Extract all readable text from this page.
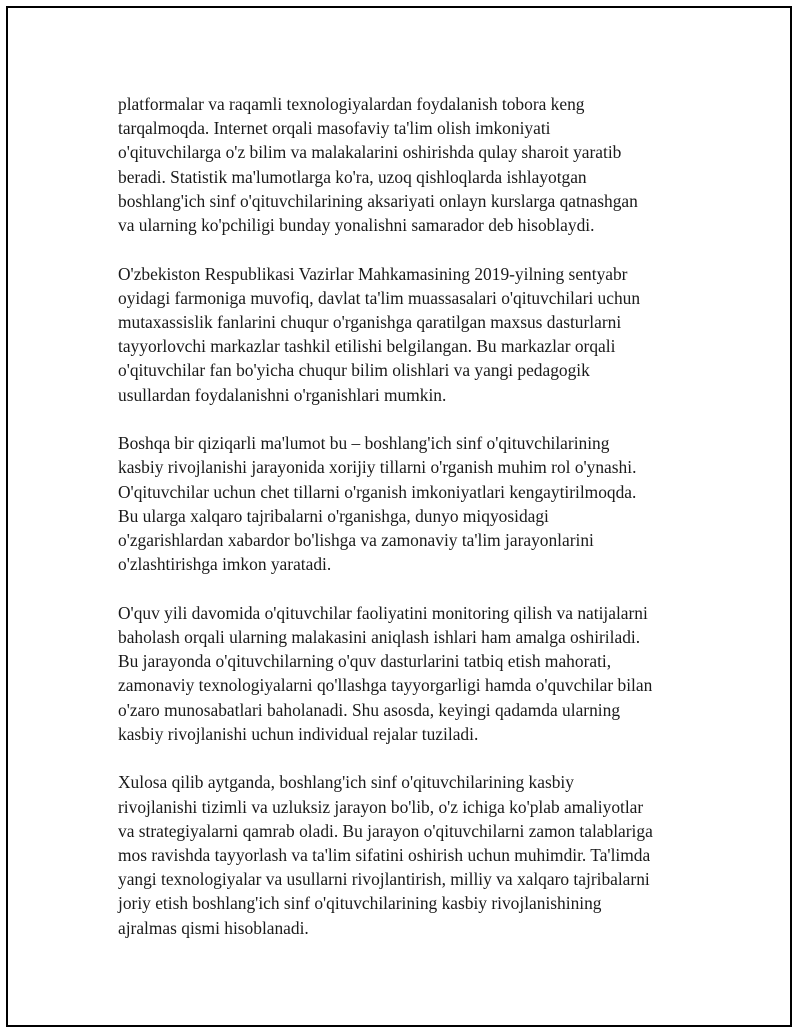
platformalar va raqamli texnologiyalardan foydalanish tobora keng
tarqalmoqda. Internet orqali masofaviy ta'lim olish imkoniyati
o'qituvchilarga o'z bilim va malakalarini oshirishda qulay sharoit yaratib
beradi. Statistik ma'lumotlarga ko'ra, uzoq qishloqlarda ishlayotgan
boshlang'ich sinf o'qituvchilarining aksariyati onlayn kurslarga qatnashgan
va ularning ko'pchiligi bunday yonalishni samarador deb hisoblaydi.

O'zbekiston Respublikasi Vazirlar Mahkamasining 2019-yilning sentyabr
oyidagi farmoniga muvofiq, davlat ta'lim muassasalari o'qituvchilari uchun
mutaxassislik fanlarini chuqur o'rganishga qaratilgan maxsus dasturlarni
tayyorlovchi markazlar tashkil etilishi belgilangan. Bu markazlar orqali
o'qituvchilar fan bo'yicha chuqur bilim olishlari va yangi pedagogik
usullardan foydalanishni o'rganishlari mumkin.

Boshqa bir qiziqarli ma'lumot bu – boshlang'ich sinf o'qituvchilarining
kasbiy rivojlanishi jarayonida xorijiy tillarni o'rganish muhim rol o'ynashi.
O'qituvchilar uchun chet tillarni o'rganish imkoniyatlari kengaytirilmoqda.
Bu ularga xalqaro tajribalarni o'rganishga, dunyo miqyosidagi
o'zgarishlardan xabardor bo'lishga va zamonaviy ta'lim jarayonlarini
o'zlashtirishga imkon yaratadi.

O'quv yili davomida o'qituvchilar faoliyatini monitoring qilish va natijalarni
baholash orqali ularning malakasini aniqlash ishlari ham amalga oshiriladi.
Bu jarayonda o'qituvchilarning o'quv dasturlarini tatbiq etish mahorati,
zamonaviy texnologiyalarni qo'llashga tayyorgarligi hamda o'quvchilar bilan
o'zaro munosabatlari baholanadi. Shu asosda, keyingi qadamda ularning
kasbiy rivojlanishi uchun individual rejalar tuziladi.

Xulosa qilib aytganda, boshlang'ich sinf o'qituvchilarining kasbiy
rivojlanishi tizimli va uzluksiz jarayon bo'lib, o'z ichiga ko'plab amaliyotlar
va strategiyalarni qamrab oladi. Bu jarayon o'qituvchilarni zamon talablariga
mos ravishda tayyorlash va ta'lim sifatini oshirish uchun muhimdir. Ta'limda
yangi texnologiyalar va usullarni rivojlantirish, milliy va xalqaro tajribalarni
joriy etish boshlang'ich sinf o'qituvchilarining kasbiy rivojlanishining
ajralmas qismi hisoblanadi.
